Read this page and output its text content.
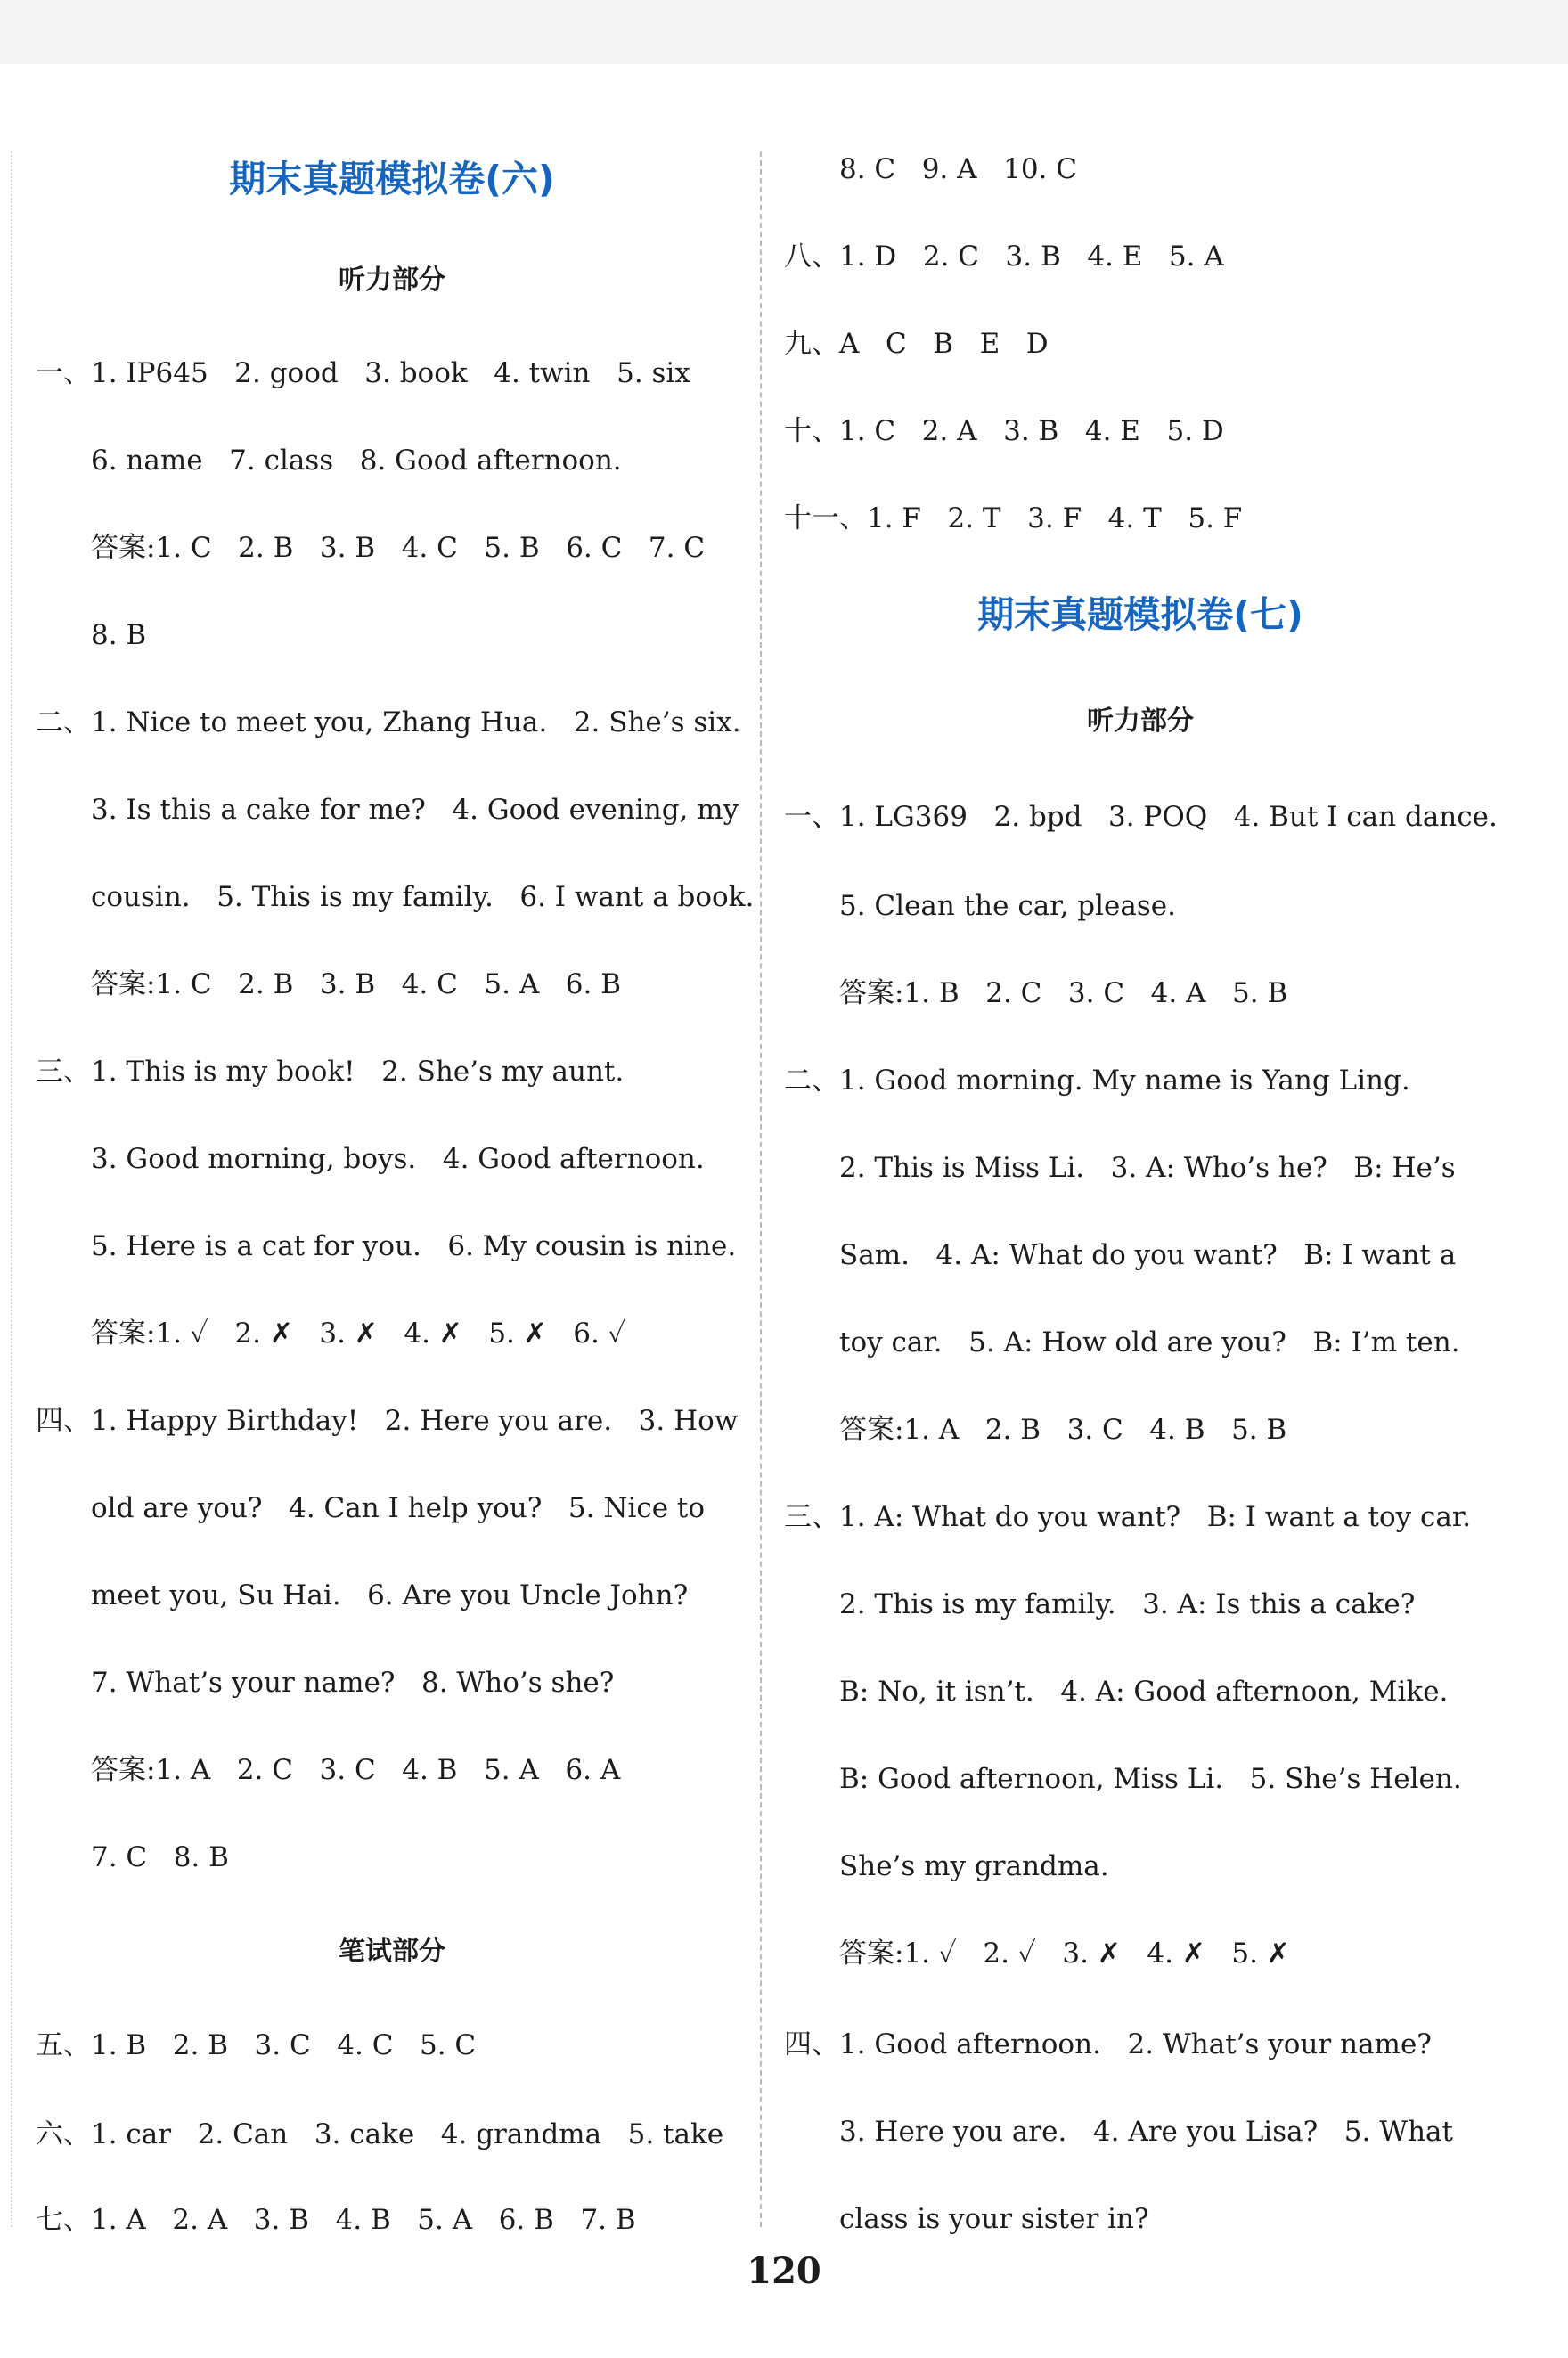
期末真题模拟卷(六)
听力部分
一、1. IP645   2. good   3. book   4. twin   5. six
6. name   7. class   8. Good afternoon.
答案:1. C   2. B   3. B   4. C   5. B   6. C   7. C
8. B
二、1. Nice to meet you, Zhang Hua.   2. She’s six.
3. Is this a cake for me?   4. Good evening, my
cousin.   5. This is my family.   6. I want a book.
答案:1. C   2. B   3. B   4. C   5. A   6. B
三、1. This is my book!   2. She’s my aunt.
3. Good morning, boys.   4. Good afternoon.
5. Here is a cat for you.   6. My cousin is nine.
答案:1. ✓   2. ✗   3. ✗   4. ✗   5. ✗   6. ✓
四、1. Happy Birthday!   2. Here you are.   3. How
old are you?   4. Can I help you?   5. Nice to
meet you, Su Hai.   6. Are you Uncle John?
7. What’s your name?   8. Who’s she?
答案:1. A   2. C   3. C   4. B   5. A   6. A
7. C   8. B
笔试部分
五、1. B   2. B   3. C   4. C   5. C
六、1. car   2. Can   3. cake   4. grandma   5. take
七、1. A   2. A   3. B   4. B   5. A   6. B   7. B
8. C   9. A   10. C
八、1. D   2. C   3. B   4. E   5. A
九、A   C   B   E   D
十、1. C   2. A   3. B   4. E   5. D
十一、1. F   2. T   3. F   4. T   5. F
期末真题模拟卷(七)
听力部分
一、1. LG369   2. bpd   3. POQ   4. But I can dance.
5. Clean the car, please.
答案:1. B   2. C   3. C   4. A   5. B
二、1. Good morning. My name is Yang Ling.
2. This is Miss Li.   3. A: Who’s he?   B: He’s
Sam.   4. A: What do you want?   B: I want a
toy car.   5. A: How old are you?   B: I’m ten.
答案:1. A   2. B   3. C   4. B   5. B
三、1. A: What do you want?   B: I want a toy car.
2. This is my family.   3. A: Is this a cake?
B: No, it isn’t.   4. A: Good afternoon, Mike.
B: Good afternoon, Miss Li.   5. She’s Helen.
She’s my grandma.
答案:1. ✓   2. ✓   3. ✗   4. ✗   5. ✗
四、1. Good afternoon.   2. What’s your name?
3. Here you are.   4. Are you Lisa?   5. What
class is your sister in?
120
